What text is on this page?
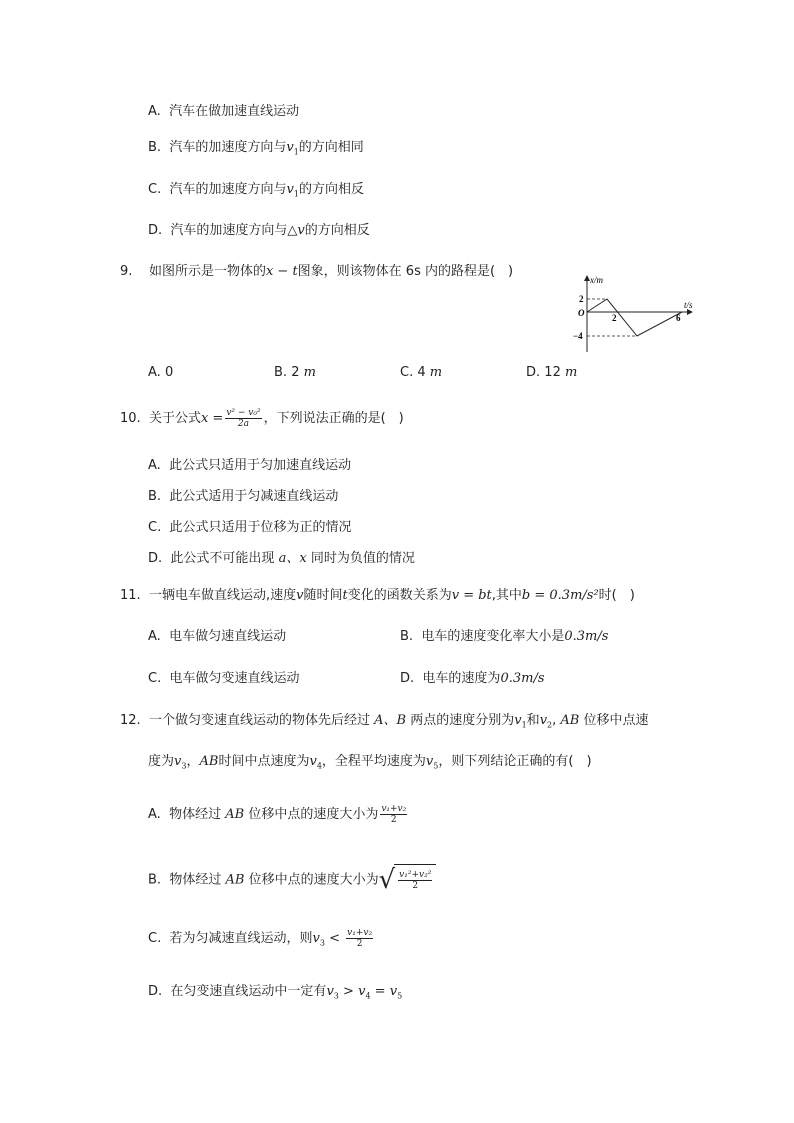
A. 汽车在做加速直线运动
B. 汽车的加速度方向与$v_1$的方向相同
C. 汽车的加速度方向与$v_1$的方向相反
D. 汽车的加速度方向与△v的方向相反
9. 如图所示是一物体的x − t图象，则该物体在 6s 内的路程是(　)
x/m
t/s
O
2
−4
2	6
A. 0	B. 2 m	C. 4 m	D. 12 m
10. 关于公式$x = \frac{\text{v² − v₀²}}{2a}$ ，下列说法正确的是(　)
A. 此公式只适用于匀加速直线运动
B. 此公式适用于匀减速直线运动
C. 此公式只适用于位移为正的情况
D. 此公式不可能出现 a、x 同时为负值的情况
11. 一辆电车做直线运动,速度v随时间t变化的函数关系为v = bt,其中b = 0.3m/s²时(　)
A. 电车做匀速直线运动	B. 电车的速度变化率大小是0.3m/s
C. 电车做匀变速直线运动	D. 电车的速度为0.3m/s
12. 一个做匀变速直线运动的物体先后经过 A、B 两点的速度分别为$v_1$和$v_2$, AB 位移中点速
度为$v_3$，AB时间中点速度为$v_4$，全程平均速度为$v_5$，则下列结论正确的有(　)
A. 物体经过 AB 位移中点的速度大小为 $\frac{\text{v₁+v₂}}{2}$
B. 物体经过 AB 位移中点的速度大小为 √ $\frac{\text{v₁²+v₂²}}{2}$
C. 若为匀减速直线运动，则$v_3 < \frac{\text{v₁+v₂}}{2}$
D. 在匀变速直线运动中一定有$v_3 > v_4 = v_5$
